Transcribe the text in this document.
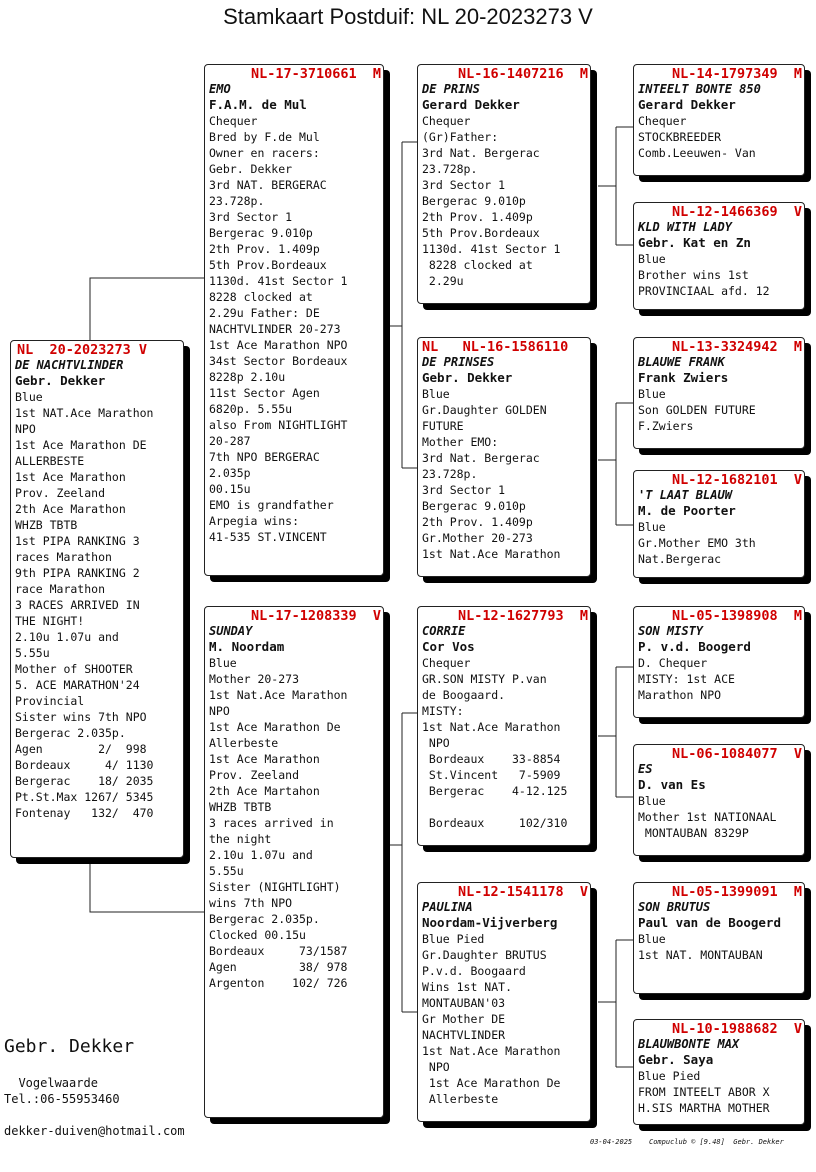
Stamkaart Postduif: NL 20-2023273 V
NL  20-2023273 V
DE NACHTVLINDER
Gebr. Dekker
Blue
1st NAT.Ace Marathon
NPO
1st Ace Marathon DE
ALLERBESTE
1st Ace Marathon
Prov. Zeeland
2th Ace Marathon
WHZB TBTB
1st PIPA RANKING 3
races Marathon
9th PIPA RANKING 2
race Marathon
3 RACES ARRIVED IN
THE NIGHT!
2.10u 1.07u and
5.55u
Mother of SHOOTER
5. ACE MARATHON'24
Provincial
Sister wins 7th NPO
Bergerac 2.035p.
Agen        2/  998
Bordeaux     4/ 1130
Bergerac    18/ 2035
Pt.St.Max 1267/ 5345
Fontenay   132/  470
NL-17-3710661  M
EMO
F.A.M. de Mul
Chequer
Bred by F.de Mul
Owner en racers:
Gebr. Dekker
3rd NAT. BERGERAC
23.728p.
3rd Sector 1
Bergerac 9.010p
2th Prov. 1.409p
5th Prov.Bordeaux
1130d. 41st Sector 1
8228 clocked at
2.29u Father: DE
NACHTVLINDER 20-273
1st Ace Marathon NPO
34st Sector Bordeaux
8228p 2.10u
11st Sector Agen
6820p. 5.55u
also From NIGHTLIGHT
20-287
7th NPO BERGERAC
2.035p
00.15u
EMO is grandfather
Arpegia wins:
41-535 ST.VINCENT
NL-17-1208339  V
SUNDAY
M. Noordam
Blue
Mother 20-273
1st Nat.Ace Marathon
NPO
1st Ace Marathon De
Allerbeste
1st Ace Marathon
Prov. Zeeland
2th Ace Martahon
WHZB TBTB
3 races arrived in
the night
2.10u 1.07u and
5.55u
Sister (NIGHTLIGHT)
wins 7th NPO
Bergerac 2.035p.
Clocked 00.15u
Bordeaux     73/1587
Agen         38/ 978
Argenton    102/ 726
NL-16-1407216  M
DE PRINS
Gerard Dekker
Chequer
(Gr)Father:
3rd Nat. Bergerac
23.728p.
3rd Sector 1
Bergerac 9.010p
2th Prov. 1.409p
5th Prov.Bordeaux
1130d. 41st Sector 1
8228 clocked at
2.29u
NL   NL-16-1586110
DE PRINSES
Gebr. Dekker
Blue
Gr.Daughter GOLDEN
FUTURE
Mother EMO:
3rd Nat. Bergerac
23.728p.
3rd Sector 1
Bergerac 9.010p
2th Prov. 1.409p
Gr.Mother 20-273
1st Nat.Ace Marathon
NL-12-1627793  M
CORRIE
Cor Vos
Chequer
GR.SON MISTY P.van
de Boogaard.
MISTY:
1st Nat.Ace Marathon
NPO
Bordeaux    33-8854
St.Vincent   7-5909
Bergerac    4-12.125

Bordeaux     102/310
NL-12-1541178  V
PAULINA
Noordam-Vijverberg
Blue Pied
Gr.Daughter BRUTUS
P.v.d. Boogaard
Wins 1st NAT.
MONTAUBAN'03
Gr Mother DE
NACHTVLINDER
1st Nat.Ace Marathon
NPO
1st Ace Marathon De
Allerbeste
NL-14-1797349  M
INTEELT BONTE 850
Gerard Dekker
Chequer
STOCKBREEDER
Comb.Leeuwen- Van
NL-12-1466369  V
KLD WITH LADY
Gebr. Kat en Zn
Blue
Brother wins 1st
PROVINCIAAL afd. 12
NL-13-3324942  M
BLAUWE FRANK
Frank Zwiers
Blue
Son GOLDEN FUTURE
F.Zwiers
NL-12-1682101  V
'T LAAT BLAUW
M. de Poorter
Blue
Gr.Mother EMO 3th
Nat.Bergerac
NL-05-1398908  M
SON MISTY
P. v.d. Boogerd
D. Chequer
MISTY: 1st ACE
Marathon NPO
NL-06-1084077  V
ES
D. van Es
Blue
Mother 1st NATIONAAL
MONTAUBAN 8329P
NL-05-1399091  M
SON BRUTUS
Paul van de Boogerd
Blue
1st NAT. MONTAUBAN
NL-10-1988682  V
BLAUWBONTE MAX
Gebr. Saya
Blue Pied
FROM INTEELT ABOR X
H.SIS MARTHA MOTHER
Gebr. Dekker
Vogelwaarde
Tel.:06-55953460
dekker-duiven@hotmail.com
03-04-2025    Compuclub © [9.48]  Gebr. Dekker
